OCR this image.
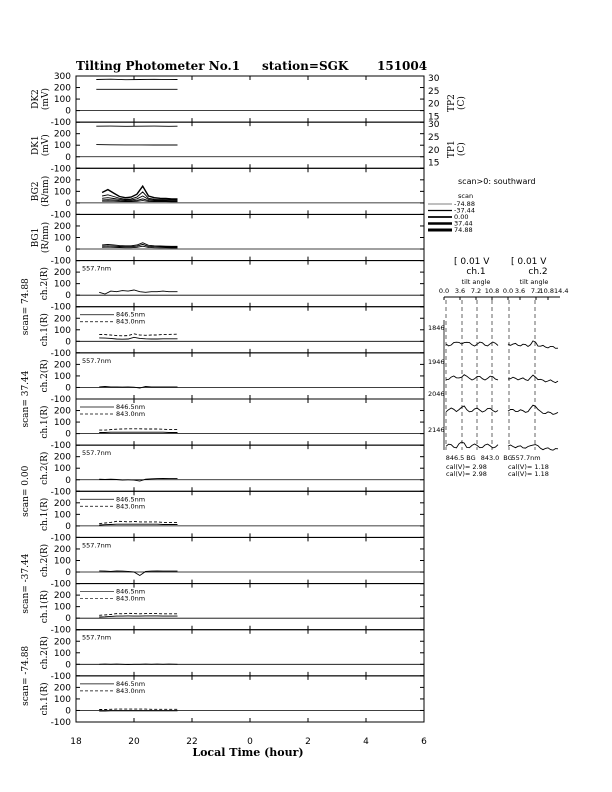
Tilting Photometer No.1 station=SGK 151004
300
200
100
0
-100
DK2(mV)
30
25
20
15
TP2(C)
200
100
0
-100
DK1(mV)
30
25
20
15
TP1(C)
200
100
0
-100
BG2(R/nm)
200
100
0
-100
BG1(R/nm)
200
100
0
-100
ch.2(R)	557.7nm
200
100
0
-100
ch.1(R)	846.5nm
843.0nm
200
100
0
-100
ch.2(R)	557.7nm
200
100
0
-100
ch.1(R)	846.5nm
843.0nm
200
100
0
-100
ch.2(R)	557.7nm
200
100
0
-100
ch.1(R)	846.5nm
843.0nm
200
100
0
-100
ch.2(R)	557.7nm
200
100
0
-100
ch.1(R)	846.5nm
843.0nm
200
100
0
-100
ch.2(R)	557.7nm
200
100
0
-100
ch.1(R)	846.5nm
843.0nm
18	20	22	0	2	4	6
Local Time (hour)
scan= 74.88
scan= 37.44
scan= 0.00
scan= -37.44
scan= -74.88
scan>0: southward
scan
-74.88
-37.44
0.00
37.44
74.88
[ 0.01 V [ 0.01 V
ch.1	ch.2
tilt angle	tilt angle
0.0 3.6 7.2 10.8 0.0 3.6 7.2
10.814.4
1846
1946
2046
2146
846.5 BG 843.0 BG
557.7nm
cal(V)= 2.98
cal(V)= 2.98
cal(V)= 1.18
cal(V)= 1.18
